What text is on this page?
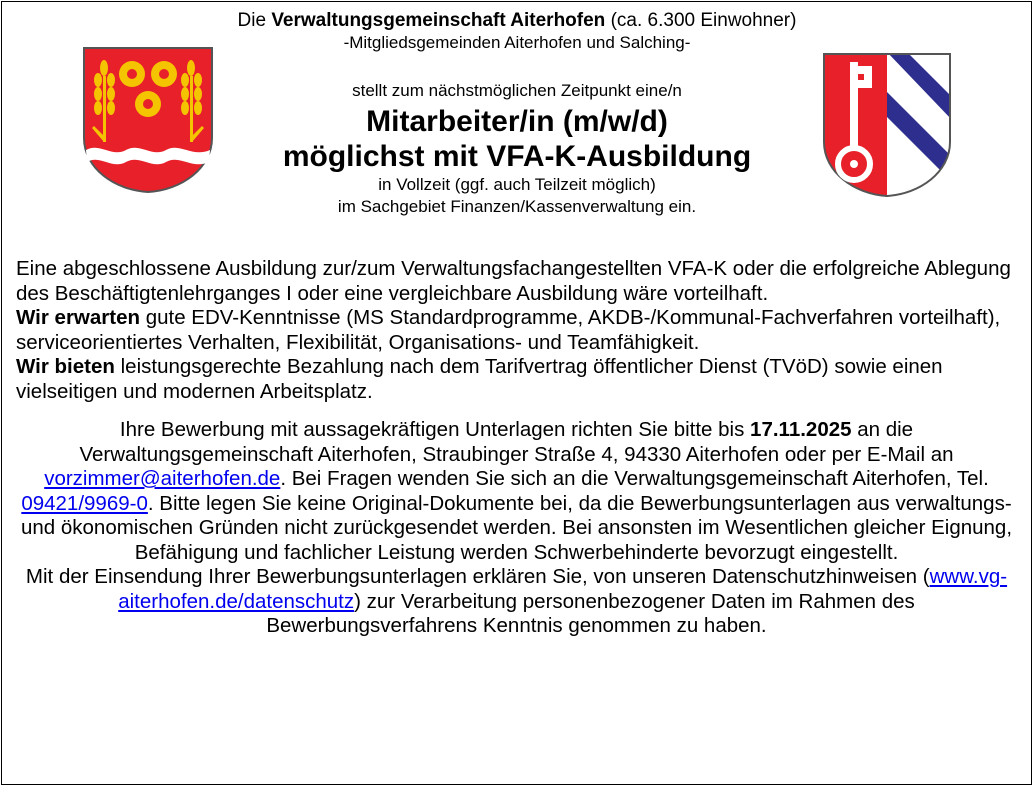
Die Verwaltungsgemeinschaft Aiterhofen (ca. 6.300 Einwohner)
-Mitgliedsgemeinden Aiterhofen und Salching-
stellt zum nächstmöglichen Zeitpunkt eine/n
Mitarbeiter/in (m/w/d)
möglichst mit VFA-K-Ausbildung
in Vollzeit (ggf. auch Teilzeit möglich)
im Sachgebiet Finanzen/Kassenverwaltung ein.

Eine abgeschlossene Ausbildung zur/zum Verwaltungsfachangestellten VFA-K oder die erfolgreiche Ablegung des Beschäftigtenlehrganges I oder eine vergleichbare Ausbildung wäre vorteilhaft.

Wir erwarten gute EDV-Kenntnisse (MS Standardprogramme, AKDB-/Kommunal-Fachverfahren vorteilhaft), serviceorientiertes Verhalten, Flexibilität, Organisations- und Teamfähigkeit.

Wir bieten leistungsgerechte Bezahlung nach dem Tarifvertrag öffentlicher Dienst (TVöD) sowie einen vielseitigen und modernen Arbeitsplatz.

Ihre Bewerbung mit aussagekräftigen Unterlagen richten Sie bitte bis 17.11.2025 an die Verwaltungsgemeinschaft Aiterhofen, Straubinger Straße 4, 94330 Aiterhofen oder per E-Mail an vorzimmer@aiterhofen.de. Bei Fragen wenden Sie sich an die Verwaltungsgemeinschaft Aiterhofen, Tel. 09421/9969-0. Bitte legen Sie keine Original-Dokumente bei, da die Bewerbungsunterlagen aus verwaltungs- und ökonomischen Gründen nicht zurückgesendet werden. Bei ansonsten im Wesentlichen gleicher Eignung, Befähigung und fachlicher Leistung werden Schwerbehinderte bevorzugt eingestellt.
Mit der Einsendung Ihrer Bewerbungsunterlagen erklären Sie, von unseren Datenschutzhinweisen (www.vg-aiterhofen.de/datenschutz) zur Verarbeitung personenbezogener Daten im Rahmen des Bewerbungsverfahrens Kenntnis genommen zu haben.
